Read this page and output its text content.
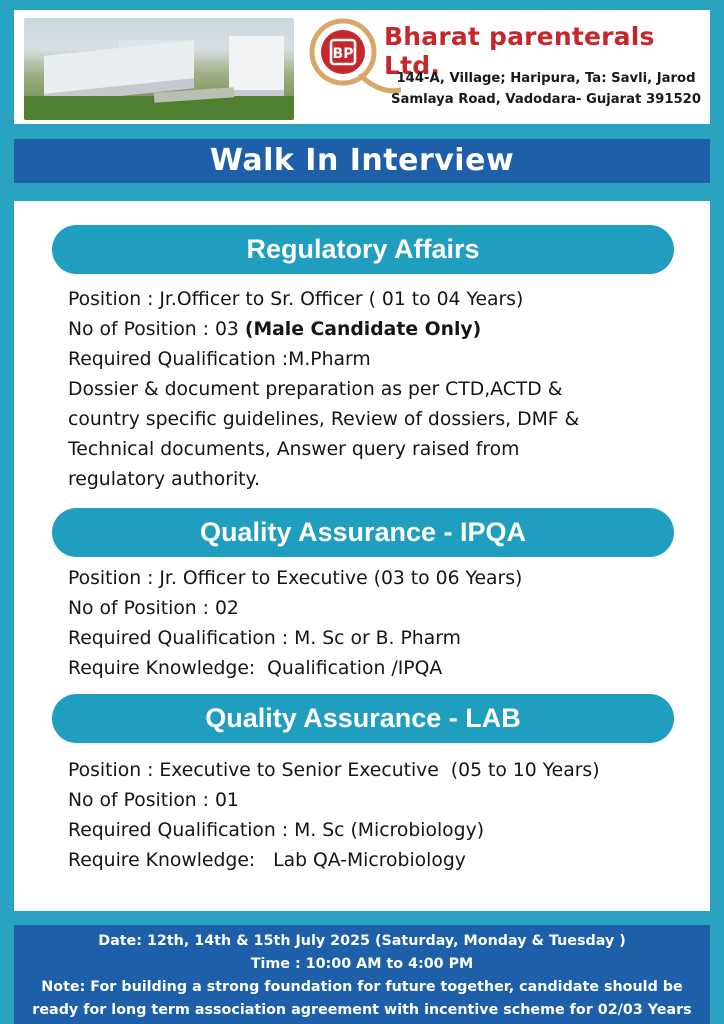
BP
Bharat parenterals Ltd.
144-A, Village; Haripura, Ta: Savli, Jarod
Samlaya Road, Vadodara- Gujarat 391520
Walk In Interview
Regulatory Affairs

Position : Jr.Officer to Sr. Officer ( 01 to 04 Years)

No of Position : 03 (Male Candidate Only)

Required Qualification :M.Pharm

Dossier & document preparation as per CTD,ACTD &

country specific guidelines, Review of dossiers, DMF &

Technical documents, Answer query raised from

regulatory authority.

Quality Assurance - IPQA

Position : Jr. Officer to Executive (03 to 06 Years)

No of Position : 02

Required Qualification : M. Sc or B. Pharm

Require Knowledge:  Qualification /IPQA

Quality Assurance - LAB

Position : Executive to Senior Executive  (05 to 10 Years)

No of Position : 01

Required Qualification : M. Sc (Microbiology)

Require Knowledge:   Lab QA-Microbiology

Date: 12th, 14th & 15th July 2025 (Saturday, Monday & Tuesday )
Time : 10:00 AM to 4:00 PM
Note: For building a strong foundation for future together, candidate should be
ready for long term association agreement with incentive scheme for 02/03 Years
